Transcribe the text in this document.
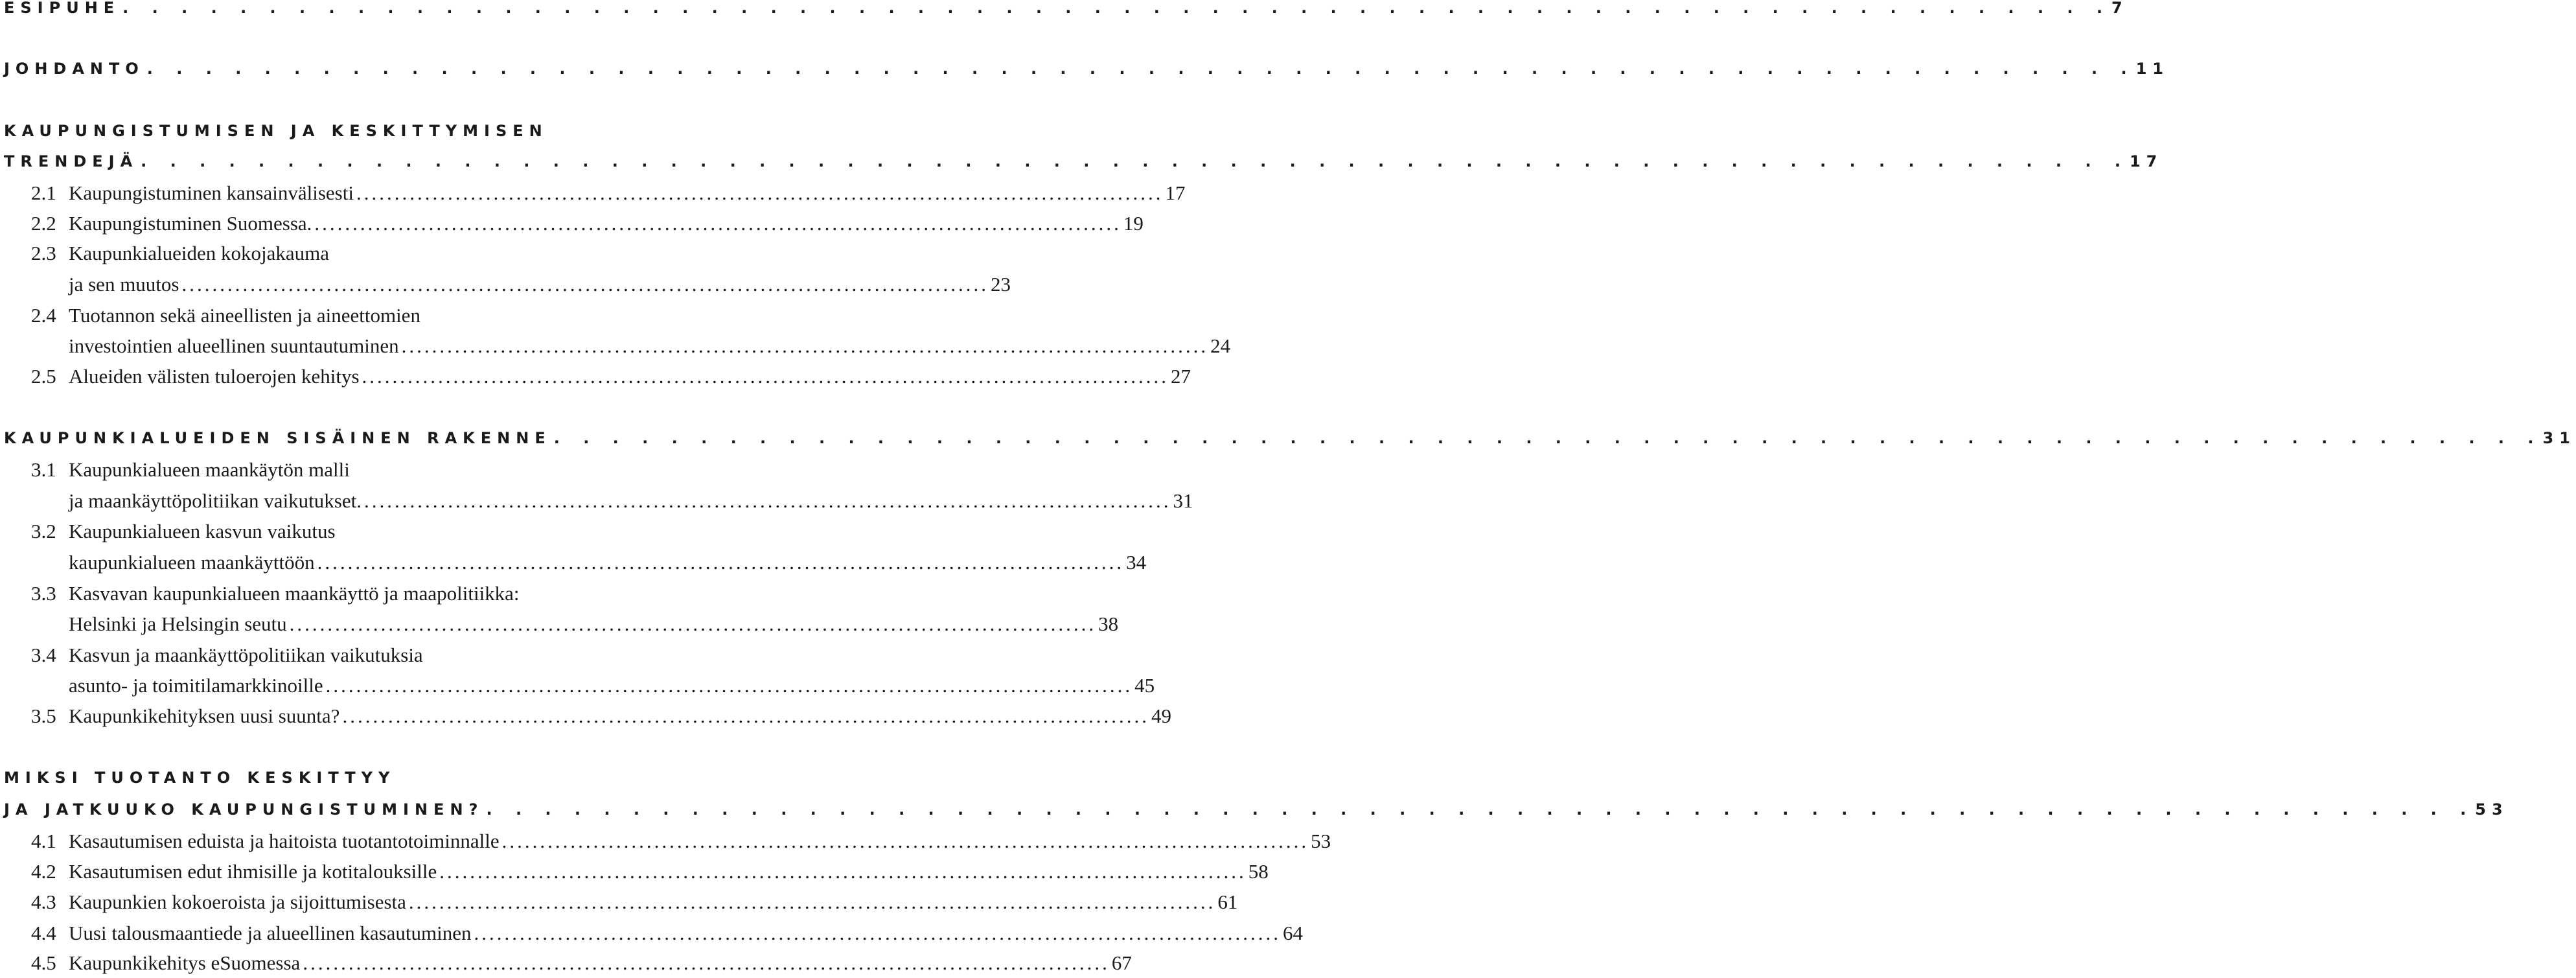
ESIPUHE . . .	7
JOHDANTO . . .	11
KAUPUNGISTUMISEN JA KESKITTYMISEN
TRENDEJÄ . . .	17
2.1 Kaupungistuminen kansainvälisesti .....	17
2.2 Kaupungistuminen Suomessa. .....	19
2.3 Kaupunkialueiden kokojakauma
ja sen muutos .....	23
2.4 Tuotannon sekä aineellisten ja aineettomien
investointien alueellinen suuntautuminen .....	24
2.5 Alueiden välisten tuloerojen kehitys .....	27
KAUPUNKIALUEIDEN SISÄINEN RAKENNE . . .	31
3.1 Kaupunkialueen maankäytön malli
ja maankäyttöpolitiikan vaikutukset. .....	31
3.2 Kaupunkialueen kasvun vaikutus
kaupunkialueen maankäyttöön .....	34
3.3 Kasvavan kaupunkialueen maankäyttö ja maapolitiikka:
Helsinki ja Helsingin seutu .....	38
3.4 Kasvun ja maankäyttöpolitiikan vaikutuksia
asunto- ja toimitilamarkkinoille .....	45
3.5 Kaupunkikehityksen uusi suunta? .....	49
MIKSI TUOTANTO KESKITTYY
JA JATKUUKO KAUPUNGISTUMINEN? . . .	53
4.1 Kasautumisen eduista ja haitoista tuotantotoiminnalle .....	53
4.2 Kasautumisen edut ihmisille ja kotitalouksille .....	58
4.3 Kaupunkien kokoeroista ja sijoittumisesta .....	61
4.4 Uusi talousmaantiede ja alueellinen kasautuminen .....	64
4.5 Kaupunkikehitys eSuomessa .....	67
